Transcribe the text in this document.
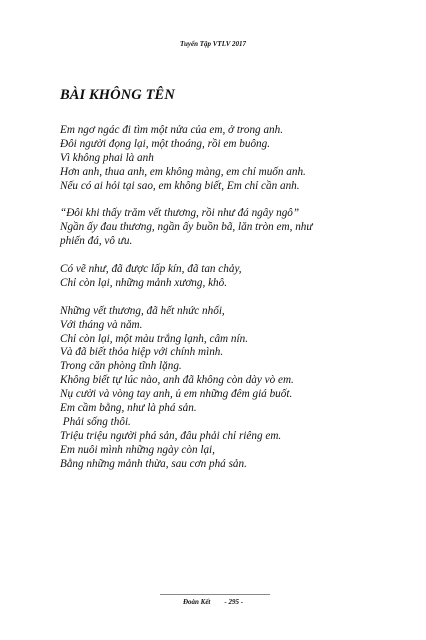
Tuyển Tập VTLV 2017
BÀI KHÔNG TÊN
Em ngơ ngác đi tìm một nửa của em, ở trong anh.
Đôi người đọng lại, một thoáng, rồi em buông.
Vì không phai là anh
Hơn anh, thua anh, em không màng, em chỉ muốn anh.
Nếu có ai hỏi tại sao, em không biết, Em chỉ cần anh.
“Đôi khi thấy trăm vết thương, rồi như đá ngây ngô”
Ngần ấy đau thương, ngần ấy buồn bã, lăn tròn em, như
phiến đá, vô ưu.
Có vẽ như, đã được lấp kín, đã tan chảy,
Chỉ còn lại, những mảnh xương, khô.
Những vết thương, đã hết nhức nhối,
Với tháng và năm.
Chỉ còn lại, một màu trắng lạnh, câm nín.
Và đã biết thỏa hiệp với chính mình.
Trong căn phòng tĩnh lặng.
Không biết tự lúc nào, anh đã không còn dày vò em.
Nụ cười và vòng tay anh, ủ em những đêm giá buốt.
Em cầm bằng, như là phá sản.
Phải sống thôi.
Triệu triệu người phá sản, đâu phải chỉ riêng em.
Em nuôi mình những ngày còn lại,
Bằng những mảnh thừa, sau cơn phá sản.
Đoàn Kết - 295 -
